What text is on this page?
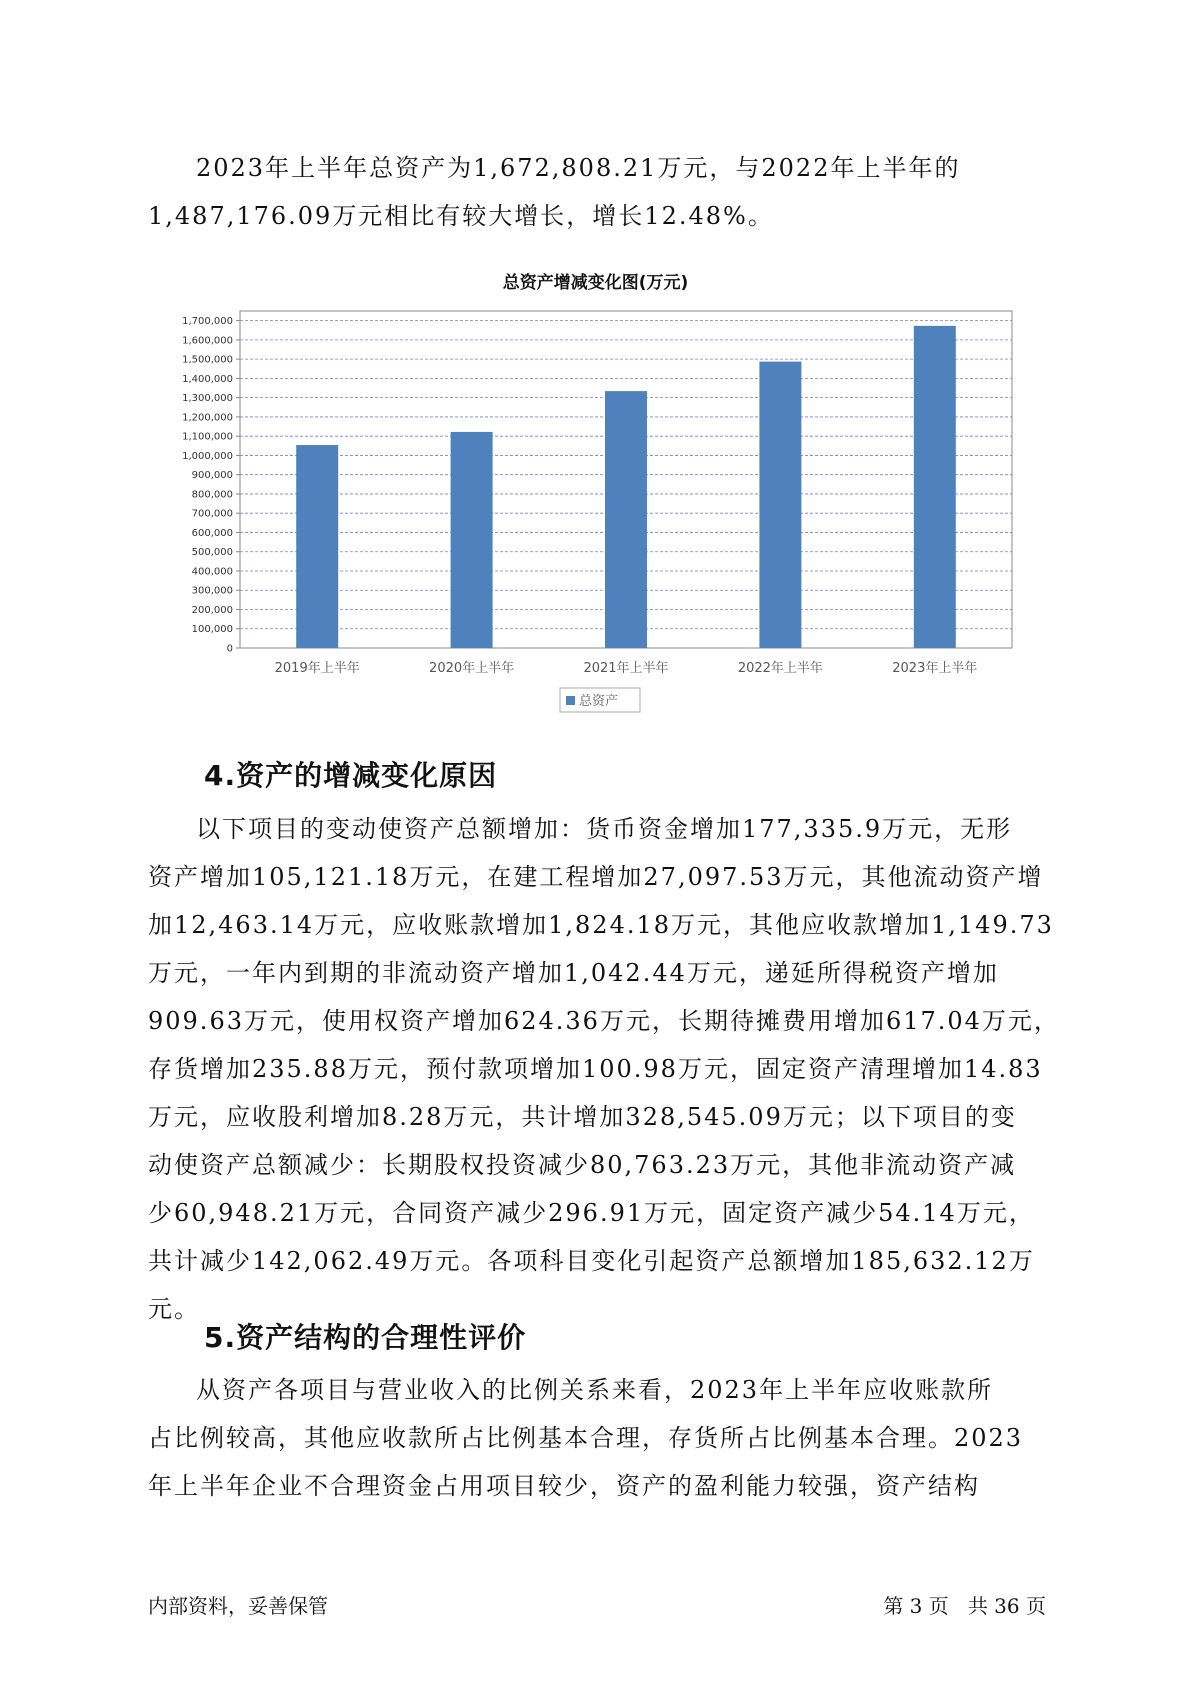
2023年上半年总资产为1,672,808.21万元，与2022年上半年的
1,487,176.09万元相比有较大增长，增长12.48%。
总资产增减变化图(万元)
0
100,000
200,000
300,000
400,000
500,000
600,000
700,000
800,000
900,000
1,000,000
1,100,000
1,200,000
1,300,000
1,400,000
1,500,000
1,600,000
1,700,000
2019年上半年	2020年上半年	2021年上半年	2022年上半年	2023年上半年
总资产
4.资产的增减变化原因
以下项目的变动使资产总额增加：货币资金增加177,335.9万元，无形
资产增加105,121.18万元，在建工程增加27,097.53万元，其他流动资产增
加12,463.14万元，应收账款增加1,824.18万元，其他应收款增加1,149.73
万元，一年内到期的非流动资产增加1,042.44万元，递延所得税资产增加
909.63万元，使用权资产增加624.36万元，长期待摊费用增加617.04万元，
存货增加235.88万元，预付款项增加100.98万元，固定资产清理增加14.83
万元，应收股利增加8.28万元，共计增加328,545.09万元；以下项目的变
动使资产总额减少：长期股权投资减少80,763.23万元，其他非流动资产减
少60,948.21万元，合同资产减少296.91万元，固定资产减少54.14万元，
共计减少142,062.49万元。各项科目变化引起资产总额增加185,632.12万
元。
5.资产结构的合理性评价
从资产各项目与营业收入的比例关系来看，2023年上半年应收账款所
占比例较高，其他应收款所占比例基本合理，存货所占比例基本合理。2023
年上半年企业不合理资金占用项目较少，资产的盈利能力较强，资产结构
内部资料，妥善保管	第 3 页   共 36 页
